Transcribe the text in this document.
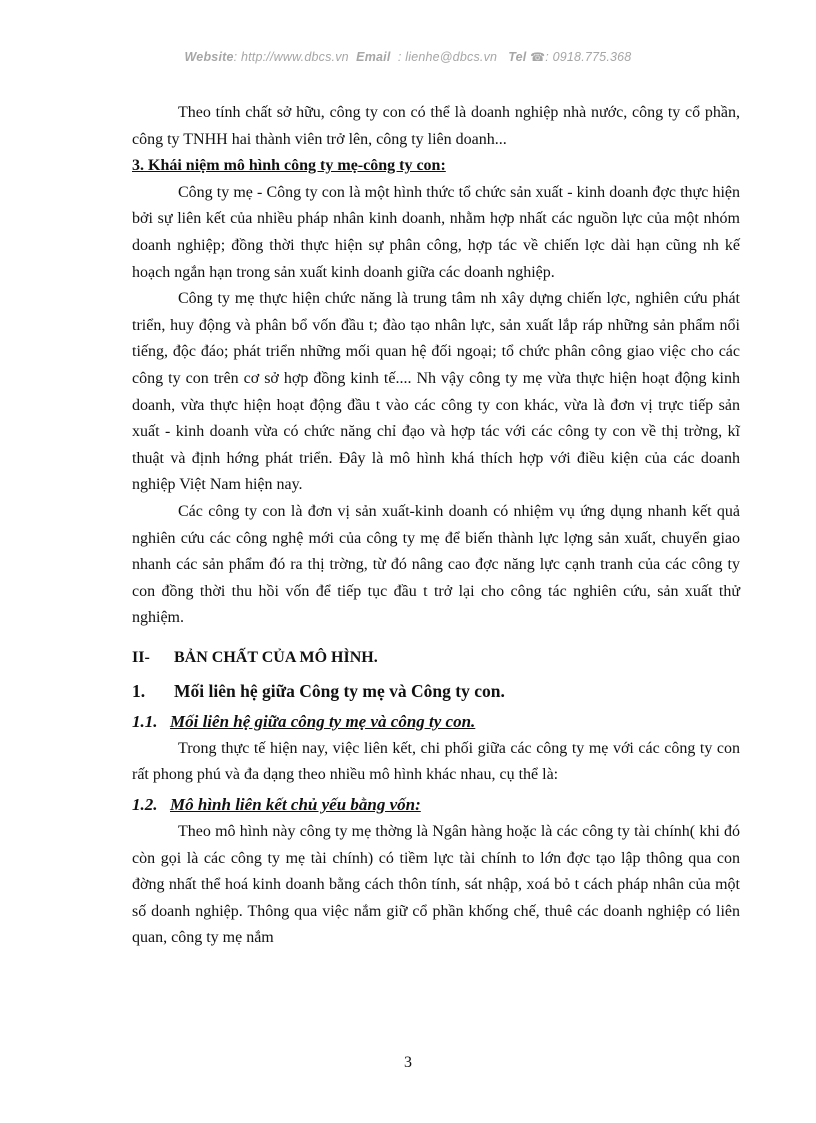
Website: http://www.dbcs.vn Email : lienhe@dbcs.vn Tel ☎: 0918.775.368

Theo tính chất sở hữu, công ty con có thể là doanh nghiệp nhà nước, công ty cổ phần, công ty TNHH hai thành viên trở lên, công ty liên doanh...

3. Khái niệm mô hình công ty mẹ-công ty con:

Công ty mẹ - Công ty con là một hình thức tổ chức sản xuất - kinh doanh đợc thực hiện bởi sự liên kết của nhiều pháp nhân kinh doanh, nhằm hợp nhất các nguồn lực của một nhóm doanh nghiệp; đồng thời thực hiện sự phân công, hợp tác về chiến lợc dài hạn cũng nh kế hoạch ngắn hạn trong sản xuất kinh doanh giữa các doanh nghiệp.

Công ty mẹ thực hiện chức năng là trung tâm nh xây dựng chiến lợc, nghiên cứu phát triển, huy động và phân bổ vốn đầu t; đào tạo nhân lực, sản xuất lắp ráp những sản phẩm nổi tiếng, độc đáo; phát triển những mối quan hệ đối ngoại; tổ chức phân công giao việc cho các công ty con trên cơ sở hợp đồng kinh tế.... Nh vậy công ty mẹ vừa thực hiện hoạt động kinh doanh, vừa thực hiện hoạt động đầu t vào các công ty con khác, vừa là đơn vị trực tiếp sản xuất - kinh doanh vừa có chức năng chỉ đạo và hợp tác với các công ty con về thị trờng, kĩ thuật và định hớng phát triển. Đây là mô hình khá thích hợp với điều kiện của các doanh nghiệp Việt Nam hiện nay.

Các công ty con là đơn vị sản xuất-kinh doanh có nhiệm vụ ứng dụng nhanh kết quả nghiên cứu các công nghệ mới của công ty mẹ để biến thành lực lợng sản xuất, chuyển giao nhanh các sản phẩm đó ra thị trờng, từ đó nâng cao đợc năng lực cạnh tranh của các công ty con đồng thời thu hồi vốn để tiếp tục đầu t trở lại cho công tác nghiên cứu, sản xuất thử nghiệm.

II-	BẢN CHẤT CỦA MÔ HÌNH.
1.	Mối liên hệ giữa Công ty mẹ và Công ty con.
1.1. Mối liên hệ giữa công ty mẹ và công ty con.

Trong thực tế hiện nay, việc liên kết, chi phối giữa các công ty mẹ với các công ty con rất phong phú và đa dạng theo nhiều mô hình khác nhau, cụ thể là:

1.2. Mô hình liên kết chủ yếu bằng vốn:

Theo mô hình này công ty mẹ thờng là Ngân hàng hoặc là các công ty tài chính( khi đó còn gọi là các công ty mẹ tài chính) có tiềm lực tài chính to lớn đợc tạo lập thông qua con đờng nhất thể hoá kinh doanh bằng cách thôn tính, sát nhập, xoá bỏ t cách pháp nhân của một số doanh nghiệp. Thông qua việc nắm giữ cổ phần khống chế, thuê các doanh nghiệp có liên quan, công ty mẹ nắm

3
